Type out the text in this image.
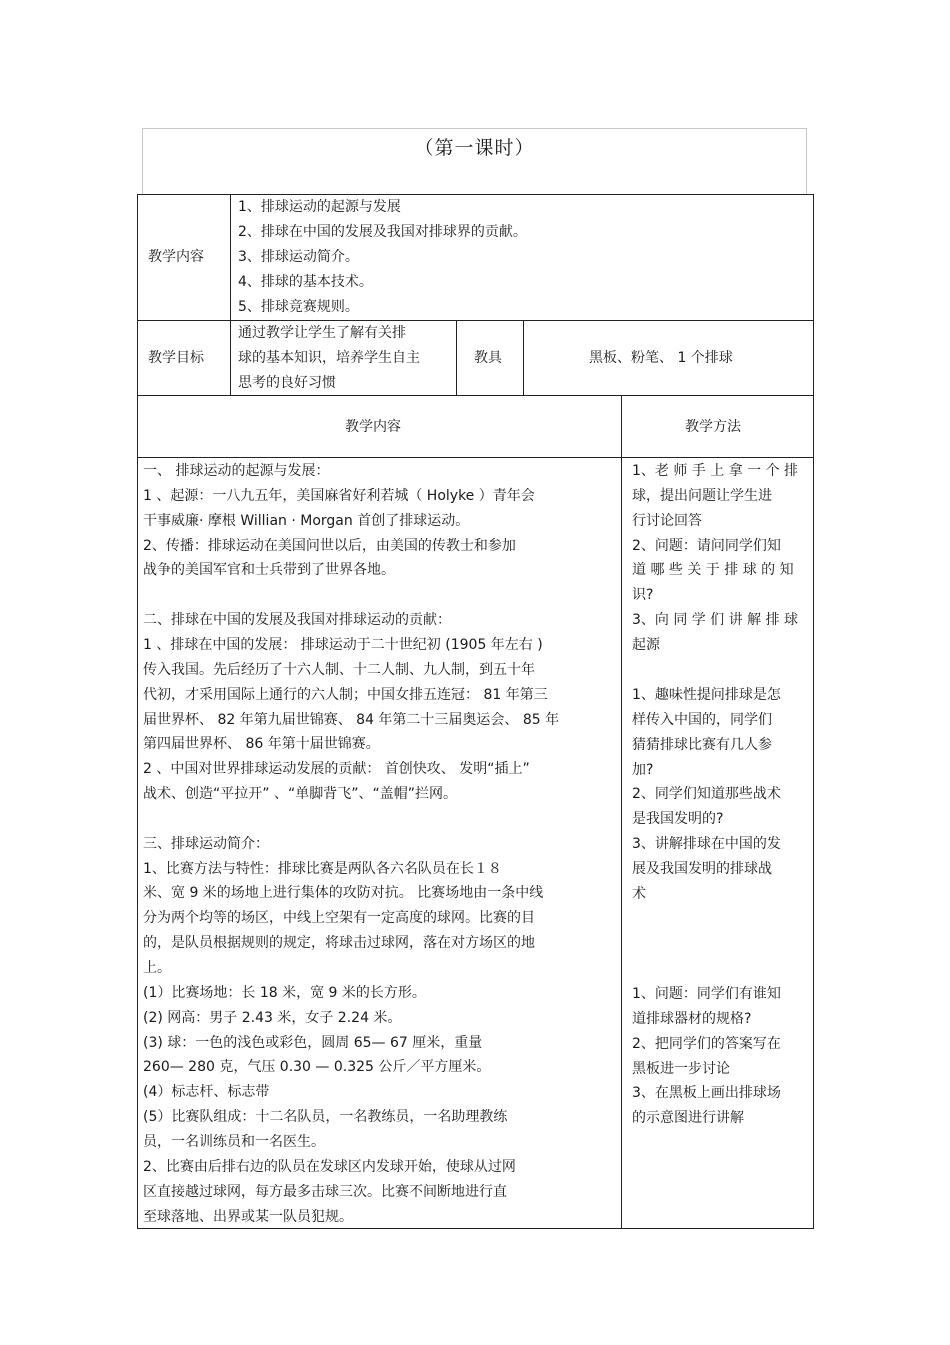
（第一课时）
教学内容
1、排球运动的起源与发展
2、排球在中国的发展及我国对排球界的贡献。
3、排球运动简介。
4、排球的基本技术。
5、排球竞赛规则。
教学目标
通过教学让学生了解有关排
球的基本知识，培养学生自主
思考的良好习惯
教具	黑板、粉笔、 1 个排球
教学内容	教学方法
一、 排球运动的起源与发展：
1 、起源：一八九五年，美国麻省好利若城（ Holyke ）青年会
干事威廉· 摩根 Willian · Morgan 首创了排球运动。
2、传播：排球运动在美国问世以后，由美国的传教士和参加
战争的美国军官和士兵带到了世界各地。
二、排球在中国的发展及我国对排球运动的贡献：
1 、排球在中国的发展： 排球运动于二十世纪初 (1905 年左右 )
传入我国。先后经历了十六人制、十二人制、九人制，到五十年
代初，才采用国际上通行的六人制；中国女排五连冠： 81 年第三
届世界杯、 82 年第九届世锦赛、 84 年第二十三届奥运会、 85 年
第四届世界杯、 86 年第十届世锦赛。
2 、中国对世界排球运动发展的贡献： 首创快攻、 发明“插上”
战术、创造“平拉开” 、“单脚背飞”、“盖帽”拦网。
三、排球运动简介：
1、比赛方法与特性：排球比赛是两队各六名队员在长１８
米、宽 9 米的场地上进行集体的攻防对抗。 比赛场地由一条中线
分为两个均等的场区，中线上空架有一定高度的球网。比赛的目
的，是队员根据规则的规定，将球击过球网，落在对方场区的地
上。
(1）比赛场地：长 18 米，宽 9 米的长方形。
(2) 网高：男子 2.43 米，女子 2.24 米。
(3) 球：一色的浅色或彩色，圆周 65— 67 厘米，重量
260— 280 克，气压 0.30 — 0.325 公斤／平方厘米。
(4）标志杆、标志带
(5）比赛队组成：十二名队员，一名教练员，一名助理教练
员，一名训练员和一名医生。
2、比赛由后排右边的队员在发球区内发球开始，使球从过网
区直接越过球网，每方最多击球三次。比赛不间断地进行直
至球落地、出界或某一队员犯规。
1、老 师 手 上 拿 一 个 排
球，提出问题让学生进
行讨论回答
2、问题：请问同学们知
道 哪 些 关 于 排 球 的 知
识?
3、向 同 学 们 讲 解 排 球
起源
1、趣味性提问排球是怎
样传入中国的，同学们
猜猜排球比赛有几人参
加?
2、同学们知道那些战术
是我国发明的?
3、讲解排球在中国的发
展及我国发明的排球战
术
1、问题：同学们有谁知
道排球器材的规格?
2、把同学们的答案写在
黑板进一步讨论
3、在黑板上画出排球场
的示意图进行讲解
